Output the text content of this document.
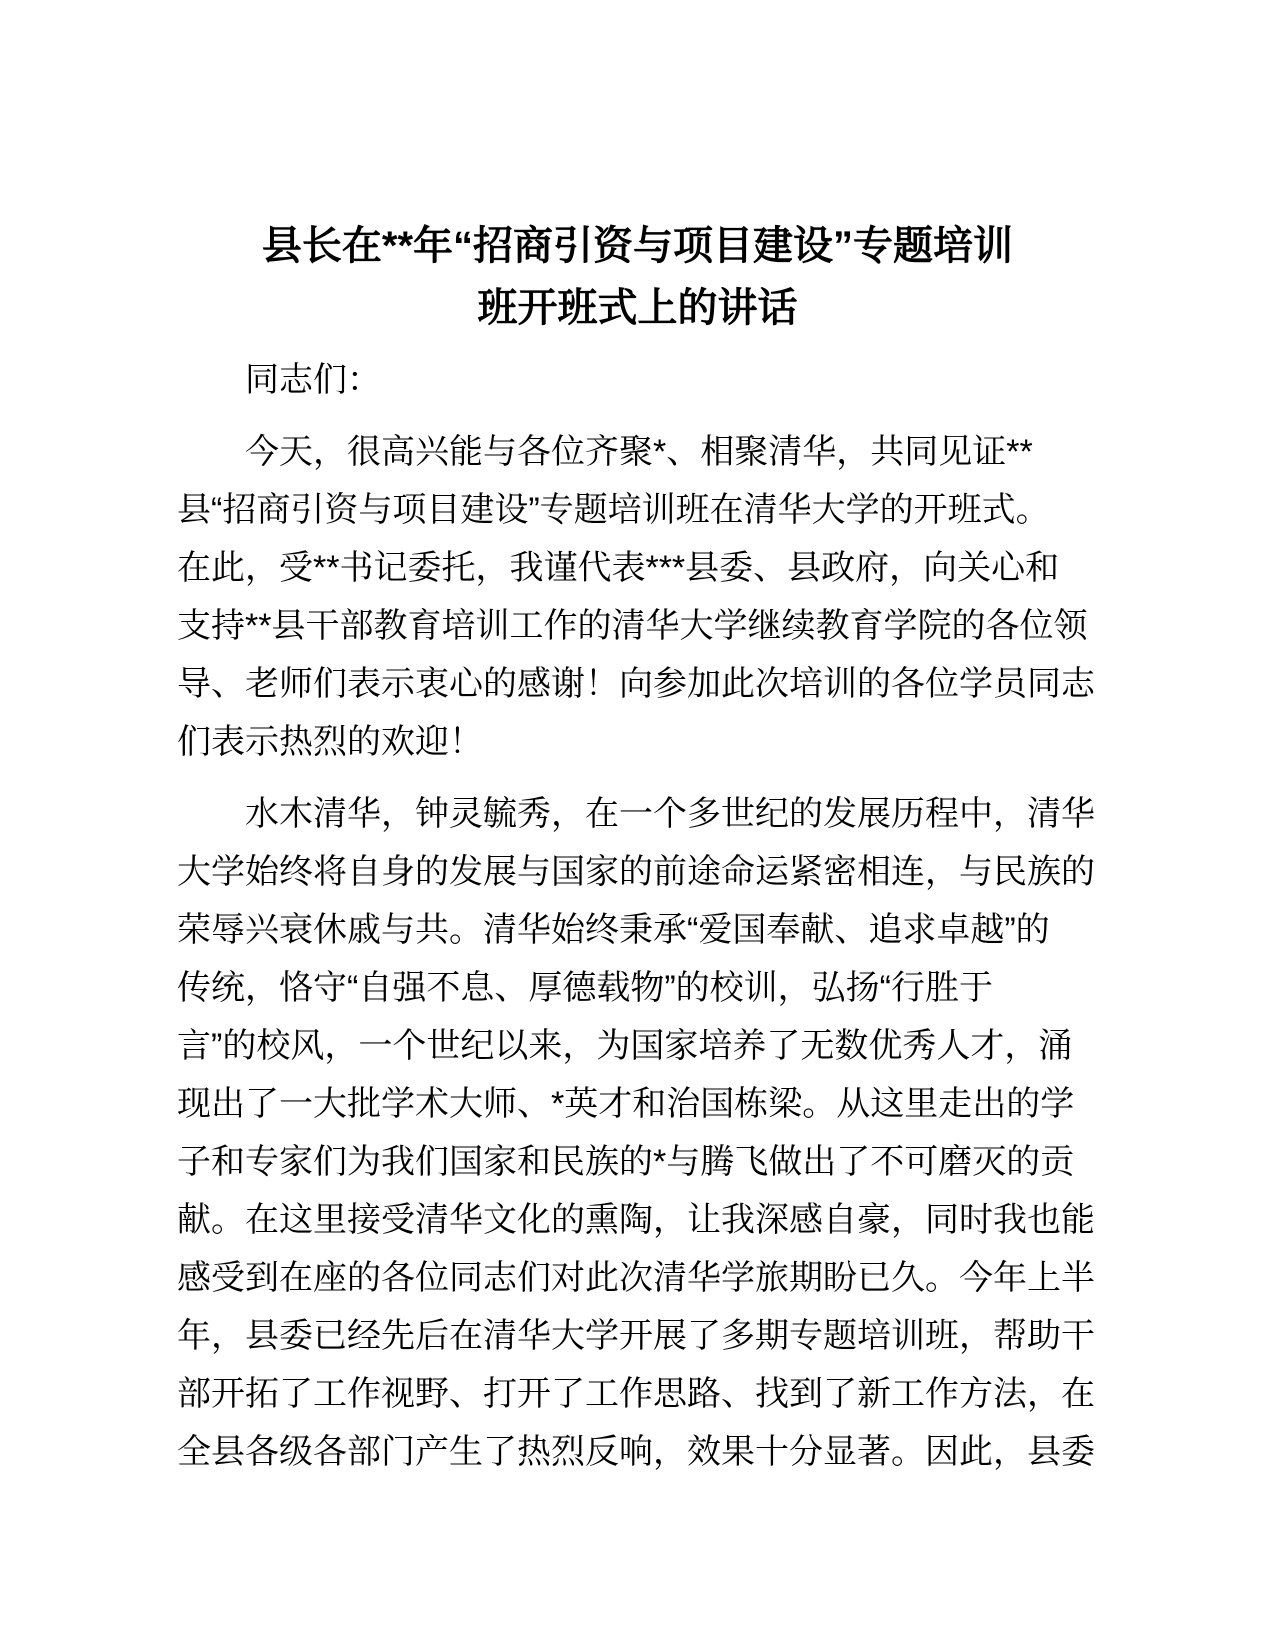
县长在**年“招商引资与项目建设”专题培训
班开班式上的讲话
同志们：
今天，很高兴能与各位齐聚*、相聚清华，共同见证**
县“招商引资与项目建设”专题培训班在清华大学的开班式。
在此，受**书记委托，我谨代表***县委、县政府，向关心和
支持**县干部教育培训工作的清华大学继续教育学院的各位领
导、老师们表示衷心的感谢！向参加此次培训的各位学员同志
们表示热烈的欢迎！
水木清华，钟灵毓秀，在一个多世纪的发展历程中，清华
大学始终将自身的发展与国家的前途命运紧密相连，与民族的
荣辱兴衰休戚与共。清华始终秉承“爱国奉献、追求卓越”的
传统，恪守“自强不息、厚德载物”的校训，弘扬“行胜于
言”的校风，一个世纪以来，为国家培养了无数优秀人才，涌
现出了一大批学术大师、*英才和治国栋梁。从这里走出的学
子和专家们为我们国家和民族的*与腾飞做出了不可磨灭的贡
献。在这里接受清华文化的熏陶，让我深感自豪，同时我也能
感受到在座的各位同志们对此次清华学旅期盼已久。今年上半
年，县委已经先后在清华大学开展了多期专题培训班，帮助干
部开拓了工作视野、打开了工作思路、找到了新工作方法，在
全县各级各部门产生了热烈反响，效果十分显著。因此，县委
